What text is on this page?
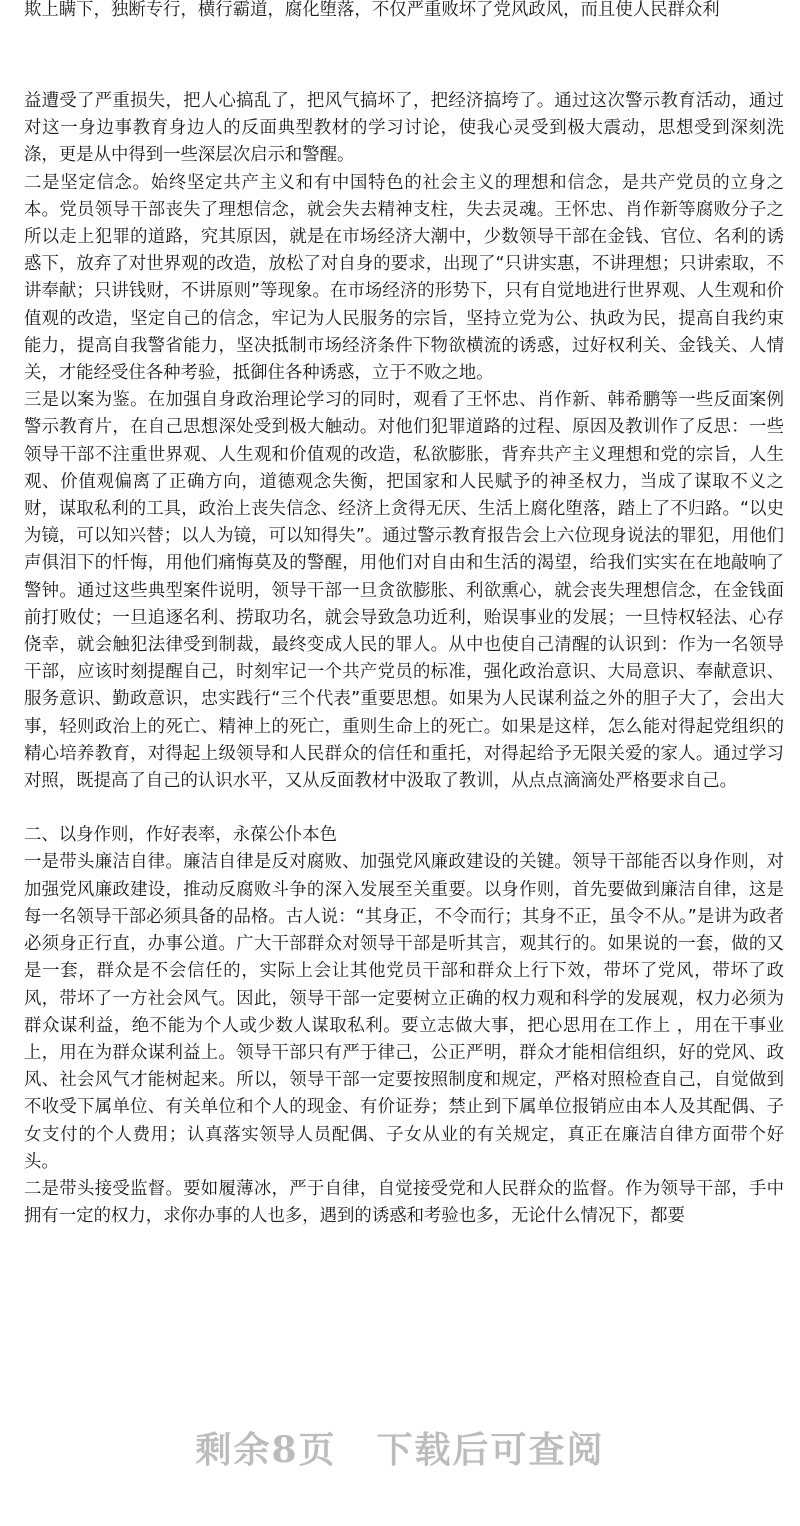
欺上瞒下，独断专行，横行霸道，腐化堕落，不仅严重败坏了党风政风，而且使人民群众利

益遭受了严重损失，把人心搞乱了，把风气搞坏了，把经济搞垮了。通过这次警示教育活动，通过对这一身边事教育身边人的反面典型教材的学习讨论，使我心灵受到极大震动，思想受到深刻洗涤，更是从中得到一些深层次启示和警醒。

二是坚定信念。始终坚定共产主义和有中国特色的社会主义的理想和信念，是共产党员的立身之本。党员领导干部丧失了理想信念，就会失去精神支柱，失去灵魂。王怀忠、肖作新等腐败分子之所以走上犯罪的道路，究其原因，就是在市场经济大潮中，少数领导干部在金钱、官位、名利的诱惑下，放弃了对世界观的改造，放松了对自身的要求，出现了“只讲实惠，不讲理想；只讲索取，不讲奉献；只讲钱财，不讲原则”等现象。在市场经济的形势下，只有自觉地进行世界观、人生观和价值观的改造，坚定自己的信念，牢记为人民服务的宗旨，坚持立党为公、执政为民，提高自我约束能力，提高自我警省能力，坚决抵制市场经济条件下物欲横流的诱惑，过好权利关、金钱关、人情关，才能经受住各种考验，抵御住各种诱惑，立于不败之地。

三是以案为鉴。在加强自身政治理论学习的同时，观看了王怀忠、肖作新、韩希鹏等一些反面案例警示教育片，在自己思想深处受到极大触动。对他们犯罪道路的过程、原因及教训作了反思：一些领导干部不注重世界观、人生观和价值观的改造，私欲膨胀，背弃共产主义理想和党的宗旨，人生观、价值观偏离了正确方向，道德观念失衡，把国家和人民赋予的神圣权力，当成了谋取不义之财，谋取私利的工具，政治上丧失信念、经济上贪得无厌、生活上腐化堕落，踏上了不归路。“以史为镜，可以知兴替；以人为镜，可以知得失”。通过警示教育报告会上六位现身说法的罪犯，用他们声俱泪下的忏悔，用他们痛悔莫及的警醒，用他们对自由和生活的渴望，给我们实实在在地敲响了警钟。通过这些典型案件说明，领导干部一旦贪欲膨胀、利欲熏心，就会丧失理想信念，在金钱面前打败仗；一旦追逐名利、捞取功名，就会导致急功近利，贻误事业的发展；一旦恃权轻法、心存侥幸，就会触犯法律受到制裁，最终变成人民的罪人。从中也使自己清醒的认识到：作为一名领导干部，应该时刻提醒自己，时刻牢记一个共产党员的标准，强化政治意识、大局意识、奉献意识、服务意识、勤政意识，忠实践行“三个代表”重要思想。如果为人民谋利益之外的胆子大了，会出大事，轻则政治上的死亡、精神上的死亡，重则生命上的死亡。如果是这样，怎么能对得起党组织的精心培养教育，对得起上级领导和人民群众的信任和重托，对得起给予无限关爱的家人。通过学习对照，既提高了自己的认识水平，又从反面教材中汲取了教训，从点点滴滴处严格要求自己。

二、以身作则，作好表率，永葆公仆本色

一是带头廉洁自律。廉洁自律是反对腐败、加强党风廉政建设的关键。领导干部能否以身作则，对加强党风廉政建设，推动反腐败斗争的深入发展至关重要。以身作则，首先要做到廉洁自律，这是每一名领导干部必须具备的品格。古人说：“其身正，不令而行；其身不正，虽令不从。”是讲为政者必须身正行直，办事公道。广大干部群众对领导干部是听其言，观其行的。如果说的一套，做的又是一套，群众是不会信任的，实际上会让其他党员干部和群众上行下效，带坏了党风，带坏了政风，带坏了一方社会风气。因此，领导干部一定要树立正确的权力观和科学的发展观，权力必须为群众谋利益，绝不能为个人或少数人谋取私利。要立志做大事，把心思用在工作上 ，用在干事业上，用在为群众谋利益上。领导干部只有严于律己，公正严明，群众才能相信组织，好的党风、政风、社会风气才能树起来。所以，领导干部一定要按照制度和规定，严格对照检查自己，自觉做到不收受下属单位、有关单位和个人的现金、有价证券；禁止到下属单位报销应由本人及其配偶、子女支付的个人费用；认真落实领导人员配偶、子女从业的有关规定，真正在廉洁自律方面带个好头。

二是带头接受监督。要如履薄冰，严于自律，自觉接受党和人民群众的监督。作为领导干部，手中拥有一定的权力，求你办事的人也多，遇到的诱惑和考验也多，无论什么情况下，都要

剩余8页 下载后可查阅
